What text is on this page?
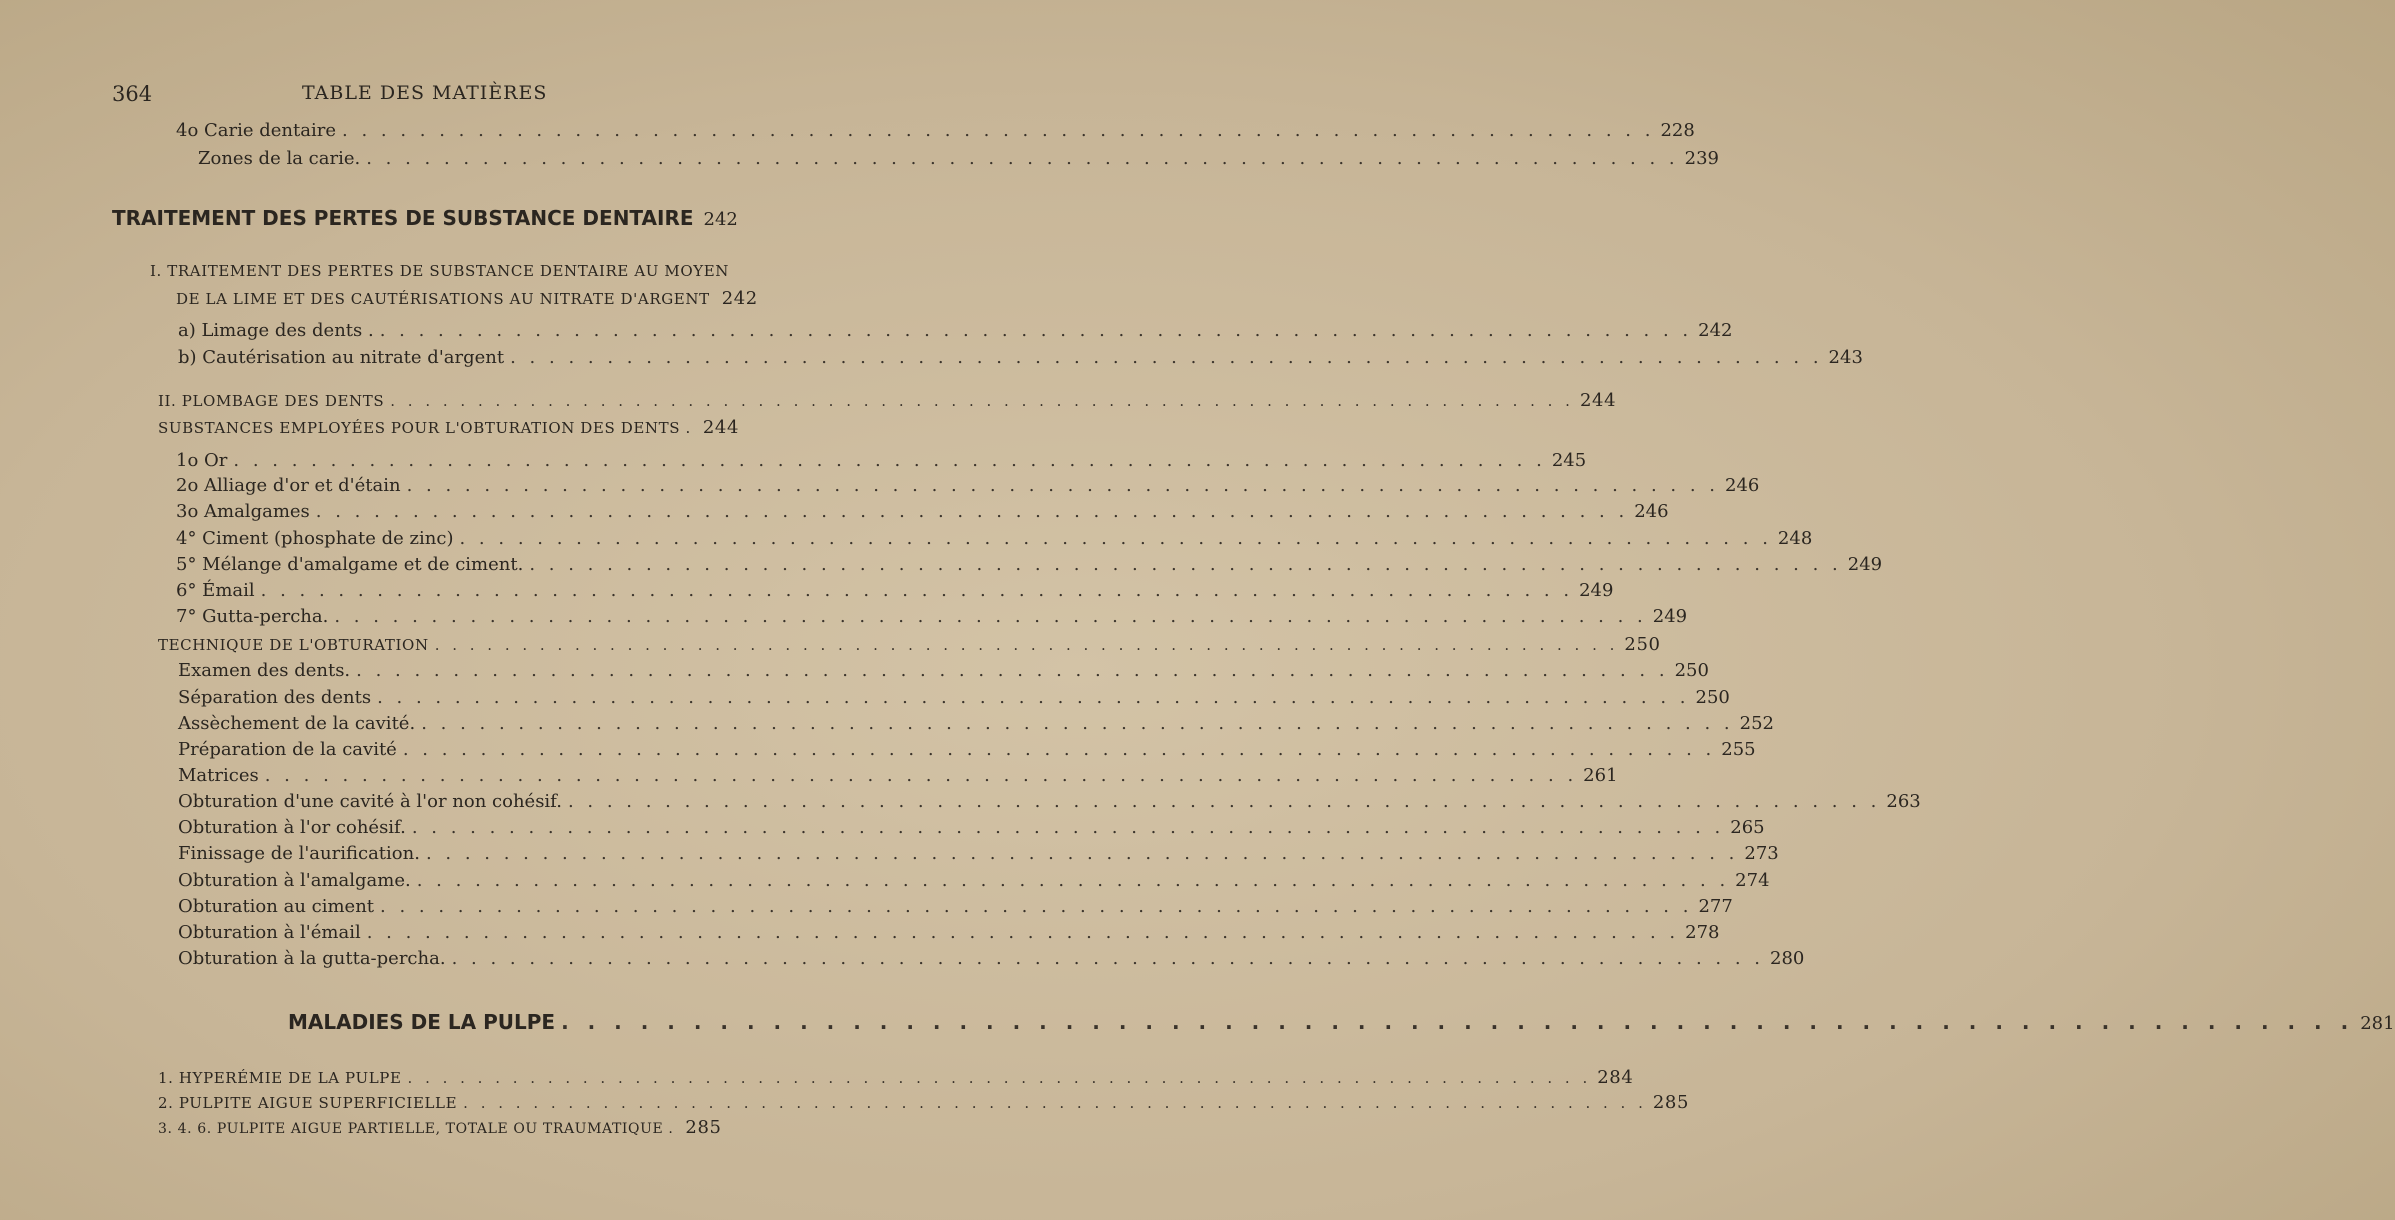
364	TABLE DES MATIÈRES
4o Carie dentaire . . .	228
Zones de la carie. . . .	239
TRAITEMENT DES PERTES DE SUBSTANCE DENTAIRE 242
I. TRAITEMENT DES PERTES DE SUBSTANCE DENTAIRE AU MOYEN
DE LA LIME ET DES CAUTÉRISATIONS AU NITRATE D'ARGENT 242
a) Limage des dents . . . .	242
b) Cautérisation au nitrate d'argent . . .	243
II. PLOMBAGE DES DENTS . . .	244
SUBSTANCES EMPLOYÉES POUR L'OBTURATION DES DENTS . 244
1o Or . . .	245
2o Alliage d'or et d'étain . . .	246
3o Amalgames . . .	246
4° Ciment (phosphate de zinc) . . .	248
5° Mélange d'amalgame et de ciment. . . .	249
6° Émail . . .	249
7° Gutta-percha. . . .	249
TECHNIQUE DE L'OBTURATION . . .	250
Examen des dents. . . .	250
Séparation des dents . . .	250
Assèchement de la cavité. . . .	252
Préparation de la cavité . . .	255
Matrices . . .	261
Obturation d'une cavité à l'or non cohésif. . . .	263
Obturation à l'or cohésif. . . .	265
Finissage de l'aurification. . . .	273
Obturation à l'amalgame. . . .	274
Obturation au ciment . . .	277
Obturation à l'émail . . .	278
Obturation à la gutta-percha. . . .	280
MALADIES DE LA PULPE . . .	281
1. HYPERÉMIE DE LA PULPE . . .	284
2. PULPITE AIGUE SUPERFICIELLE . . .	285
3. 4. 6. PULPITE AIGUE PARTIELLE, TOTALE OU TRAUMATIQUE . 285
